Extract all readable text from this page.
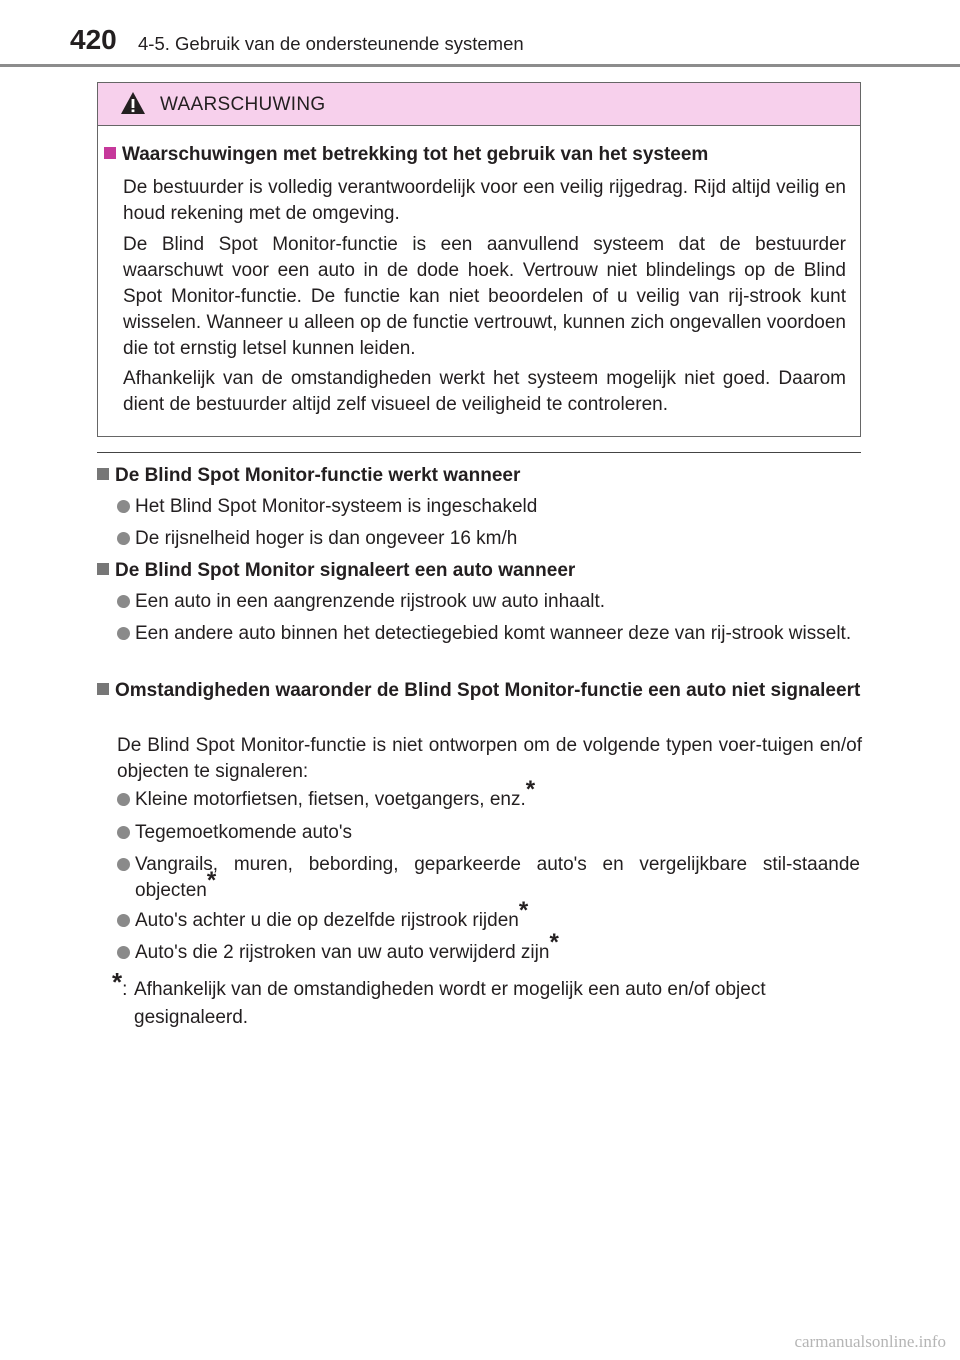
420 4-5. Gebruik van de ondersteunende systemen
WAARSCHUWING
Waarschuwingen met betrekking tot het gebruik van het systeem
De bestuurder is volledig verantwoordelijk voor een veilig rijgedrag. Rijd altijd veilig en houd rekening met de omgeving.
De Blind Spot Monitor-functie is een aanvullend systeem dat de bestuurder waarschuwt voor een auto in de dode hoek. Vertrouw niet blindelings op de Blind Spot Monitor-functie. De functie kan niet beoordelen of u veilig van rij-strook kunt wisselen. Wanneer u alleen op de functie vertrouwt, kunnen zich ongevallen voordoen die tot ernstig letsel kunnen leiden.
Afhankelijk van de omstandigheden werkt het systeem mogelijk niet goed. Daarom dient de bestuurder altijd zelf visueel de veiligheid te controleren.
De Blind Spot Monitor-functie werkt wanneer
Het Blind Spot Monitor-systeem is ingeschakeld
De rijsnelheid hoger is dan ongeveer 16 km/h
De Blind Spot Monitor signaleert een auto wanneer
Een auto in een aangrenzende rijstrook uw auto inhaalt.
Een andere auto binnen het detectiegebied komt wanneer deze van rij-strook wisselt.
Omstandigheden waaronder de Blind Spot Monitor-functie een auto niet signaleert
De Blind Spot Monitor-functie is niet ontworpen om de volgende typen voer-tuigen en/of objecten te signaleren:
Kleine motorfietsen, fietsen, voetgangers, enz.*
Tegemoetkomende auto's
Vangrails, muren, bebording, geparkeerde auto's en vergelijkbare stil-staande objecten*
Auto's achter u die op dezelfde rijstrook rijden*
Auto's die 2 rijstroken van uw auto verwijderd zijn*
*: Afhankelijk van de omstandigheden wordt er mogelijk een auto en/of object gesignaleerd.
carmanualsonline.info
